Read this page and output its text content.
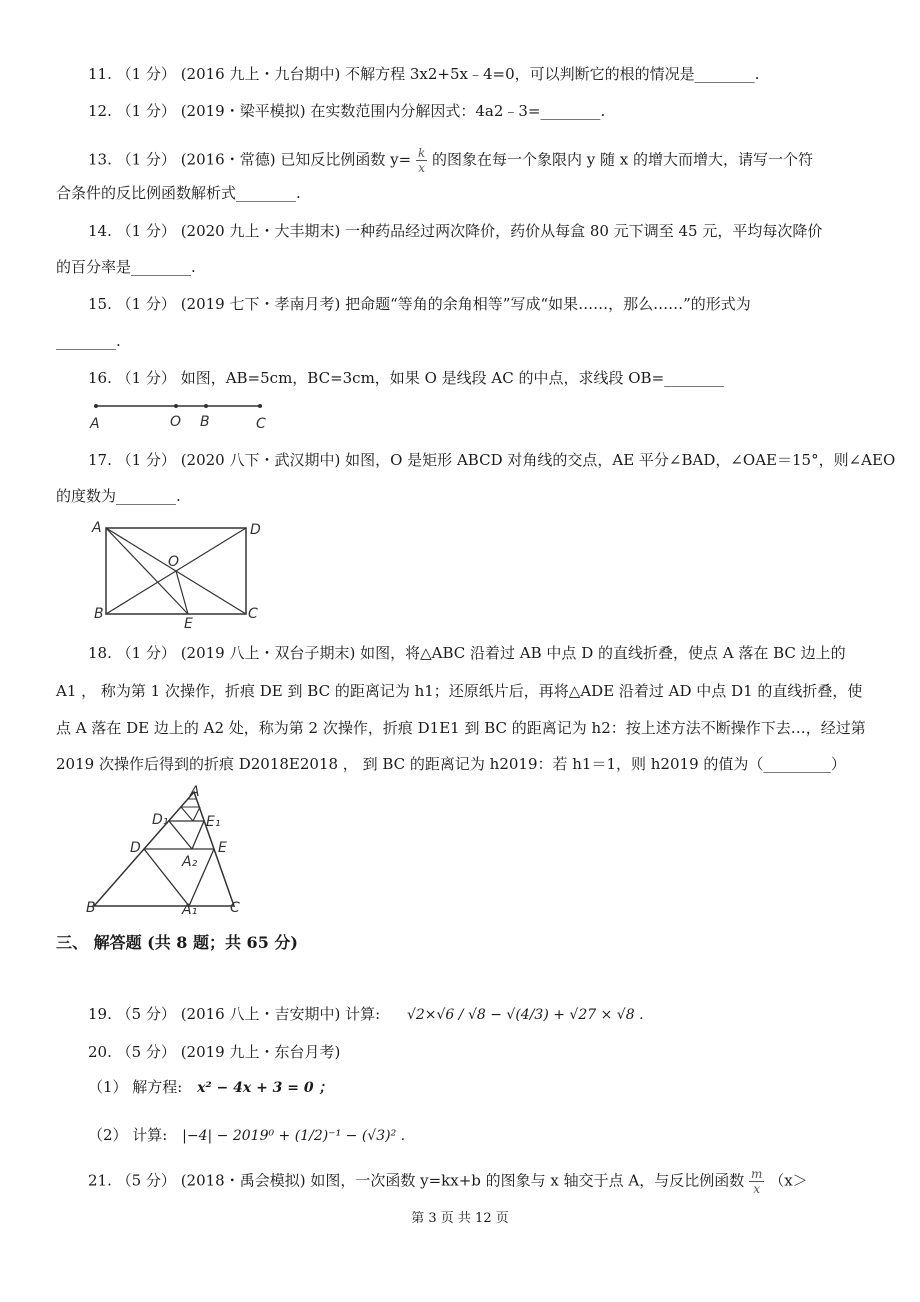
11. （1 分） (2016 九上・九台期中) 不解方程 3x2+5x﹣4=0，可以判断它的根的情况是________.
12. （1 分） (2019・梁平模拟) 在实数范围内分解因式：4a2﹣3=________.
13. （1 分） (2016・常德) 已知反比例函数 $y= \frac{k}{x}$ 的图象在每一个象限内 y 随 x 的增大而增大，请写一个符
合条件的反比例函数解析式________.
14. （1 分） (2020 九上・大丰期末) 一种药品经过两次降价，药价从每盒 80 元下调至 45 元，平均每次降价
的百分率是________.
15. （1 分） (2019 七下・孝南月考) 把命题“等角的余角相等”写成“如果……，那么……”的形式为
________.
16. （1 分） 如图，AB=5cm，BC=3cm，如果 O 是线段 AC 的中点，求线段 OB=________
A	O B	C
17. （1 分） (2020 八下・武汉期中) 如图，O 是矩形 ABCD 对角线的交点，AE 平分∠BAD，∠OAE＝15°，则∠AEO
的度数为________.
A	D
O
B
E
C
18. （1 分） (2019 八上・双台子期末) 如图，将△ABC 沿着过 AB 中点 D 的直线折叠，使点 A 落在 BC 边上的
A1 ， 称为第 1 次操作，折痕 DE 到 BC 的距离记为 h1；还原纸片后，再将△ADE 沿着过 AD 中点 D1 的直线折叠，使
点 A 落在 DE 边上的 A2 处，称为第 2 次操作，折痕 D1E1 到 BC 的距离记为 h2：按上述方法不断操作下去…，经过第
2019 次操作后得到的折痕 D2018E2018 ， 到 BC 的距离记为 h2019：若 h1＝1，则 h2019 的值为（_________）
A
D₁	E₁
D	E
A₂
B	A₁ C
三、 解答题 (共 8 题；共 65 分)
19. （5 分） (2016 八上・吉安期中) 计算: √2×√6 / √8 − √(4/3) + √27 × √8 .
20. （5 分） (2019 九上・东台月考)
（1） 解方程: x² − 4x + 3 = 0 ；
（2） 计算: |−4| − 2019⁰ + (1/2)⁻¹ − (√3)² .
21. （5 分） (2018・禹会模拟) 如图，一次函数 y=kx+b 的图象与 x 轴交于点 A，与反比例函数 $\frac{m}{x} (x>$
第 3 页 共 12 页
